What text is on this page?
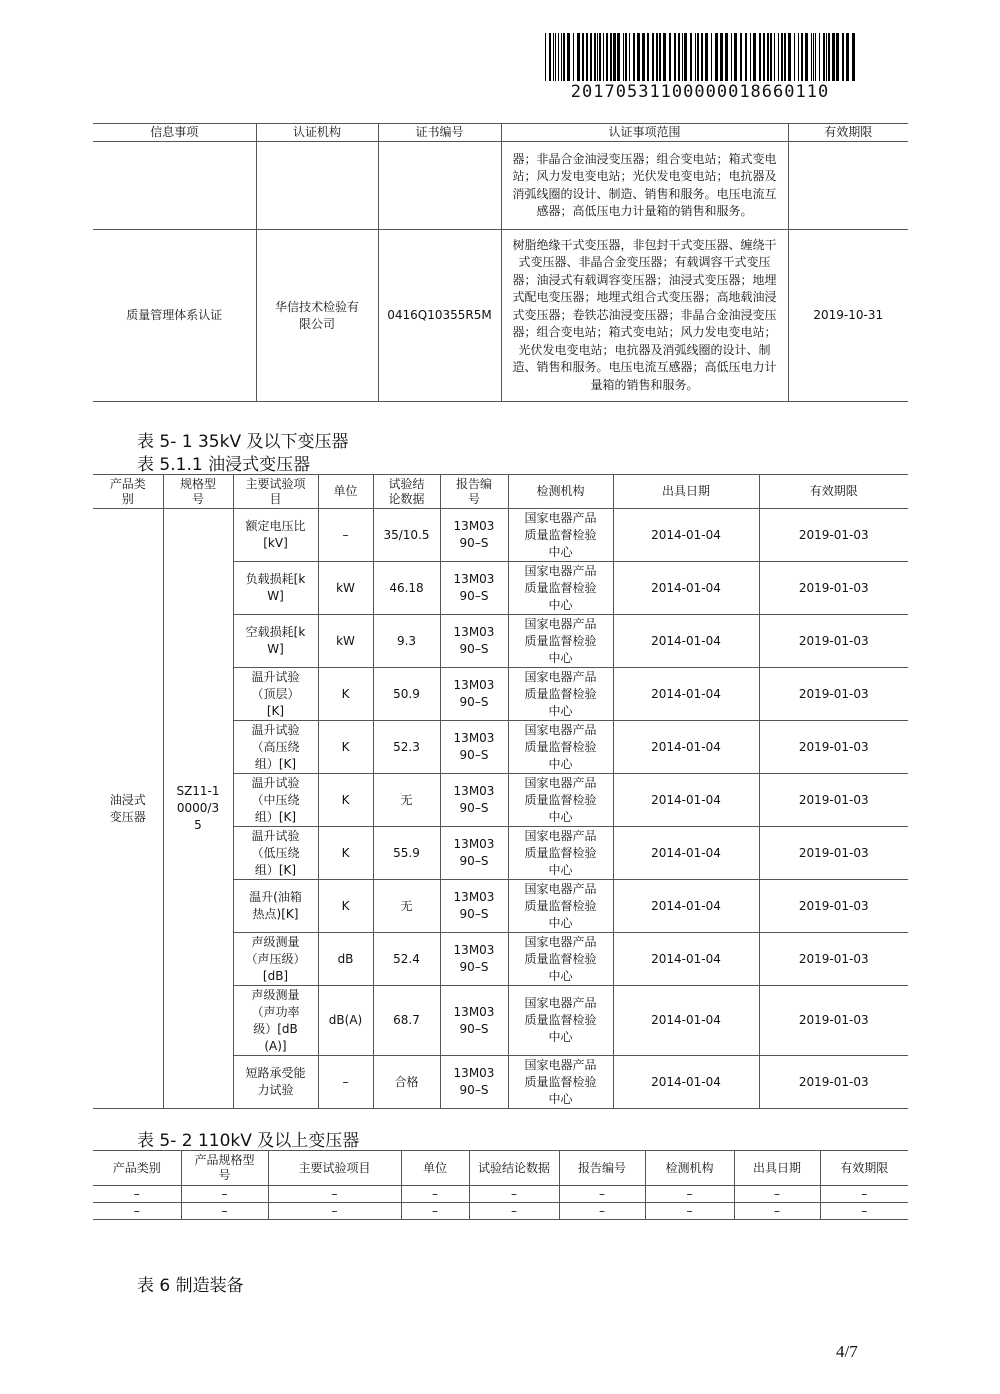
20170531100000018660110
信息事项	认证机构	证书编号	认证事项范围	有效期限
			器；非晶合金油浸变压器；组合变电站；箱式变电站；风力发电变电站；光伏发电变电站；电抗器及消弧线圈的设计、制造、销售和服务。电压电流互感器；高低压电力计量箱的销售和服务。	
质量管理体系认证	华信技术检验有限公司	0416Q10355R5M	树脂绝缘干式变压器，非包封干式变压器、缠绕干式变压器、非晶合金变压器；有载调容干式变压器；油浸式有载调容变压器；油浸式变压器；地埋式配电变压器；地埋式组合式变压器；高地载油浸式变压器；卷铁芯油浸变压器；非晶合金油浸变压器；组合变电站；箱式变电站；风力发电变电站；光伏发电变电站；电抗器及消弧线圈的设计、制造、销售和服务。电压电流互感器；高低压电力计量箱的销售和服务。	2019-10-31
表 5- 1 35kV 及以下变压器
表 5.1.1 油浸式变压器
产品类别	规格型号	主要试验项目	单位	试验结论数据	报告编号	检测机构	出具日期	有效期限
油浸式变压器	SZ11-10000/35	额定电压比[kV]	–	35/10.5	13M0390–S	国家电器产品质量监督检验中心	2014-01-04	2019-01-03
		负载损耗[kW]	kW	46.18	13M0390–S	国家电器产品质量监督检验中心	2014-01-04	2019-01-03
		空载损耗[kW]	kW	9.3	13M0390–S	国家电器产品质量监督检验中心	2014-01-04	2019-01-03
		温升试验（顶层）[K]	K	50.9	13M0390–S	国家电器产品质量监督检验中心	2014-01-04	2019-01-03
		温升试验（高压绕组）[K]	K	52.3	13M0390–S	国家电器产品质量监督检验中心	2014-01-04	2019-01-03
		温升试验（中压绕组）[K]	K	无	13M0390–S	国家电器产品质量监督检验中心	2014-01-04	2019-01-03
		温升试验（低压绕组）[K]	K	55.9	13M0390–S	国家电器产品质量监督检验中心	2014-01-04	2019-01-03
		温升(油箱热点)[K]	K	无	13M0390–S	国家电器产品质量监督检验中心	2014-01-04	2019-01-03
		声级测量（声压级）[dB]	dB	52.4	13M0390–S	国家电器产品质量监督检验中心	2014-01-04	2019-01-03
		声级测量（声功率级）[dB(A)]	dB(A)	68.7	13M0390–S	国家电器产品质量监督检验中心	2014-01-04	2019-01-03
		短路承受能力试验	–	合格	13M0390–S	国家电器产品质量监督检验中心	2014-01-04	2019-01-03
表 5- 2 110kV 及以上变压器
产品类别	产品规格型号	主要试验项目	单位	试验结论数据	报告编号	检测机构	出具日期	有效期限
–	–	–	–	–	–	–	–	–
–	–	–	–	–	–	–	–	–
表 6 制造装备
4/7
